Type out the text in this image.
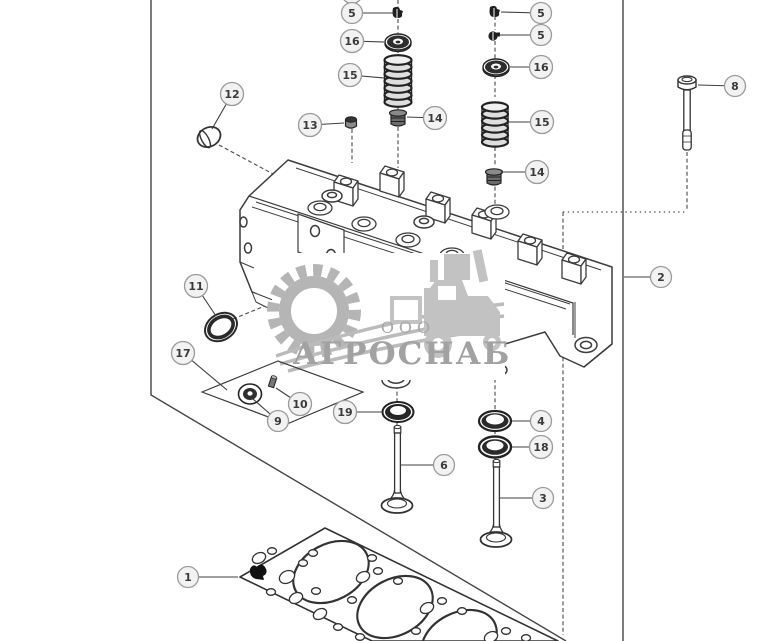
ООО
АГРОСНАБ
5
16
15
13
14
12
5
5
16
15
14
8
2
11
17
9
10
19
4
18
6
3
1
